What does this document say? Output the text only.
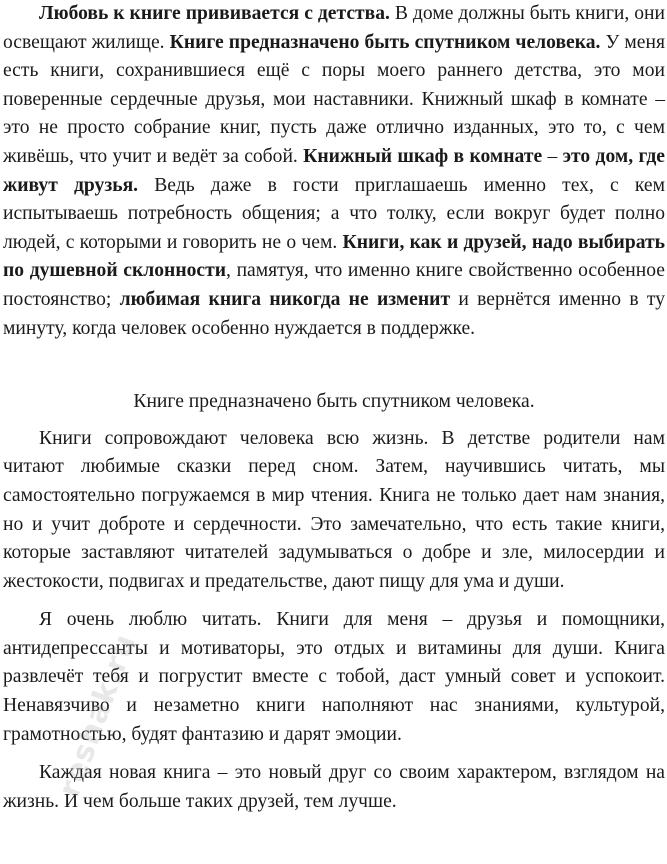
Любовь к книге прививается с детства. В доме должны быть книги, они освещают жилище. Книге предназначено быть спутником человека. У меня есть книги, сохранившиеся ещё с поры моего раннего детства, это мои поверенные сердечные друзья, мои наставники. Книжный шкаф в комнате – это не просто собрание книг, пусть даже отлично изданных, это то, с чем живёшь, что учит и ведёт за собой. Книжный шкаф в комнате – это дом, где живут друзья. Ведь даже в гости приглашаешь именно тех, с кем испытываешь потребность общения; а что толку, если вокруг будет полно людей, с которыми и говорить не о чем. Книги, как и друзей, надо выбирать по душевной склонности, памятуя, что именно книге свойственно особенное постоянство; любимая книга никогда не изменит и вернётся именно в ту минуту, когда человек особенно нуждается в поддержке.

Книге предназначено быть спутником человека.

Книги сопровождают человека всю жизнь. В детстве родители нам читают любимые сказки перед сном. Затем, научившись читать, мы самостоятельно погружаемся в мир чтения. Книга не только дает нам знания, но и учит доброте и сердечности. Это замечательно, что есть такие книги, которые заставляют читателей задумываться о добре и зле, милосердии и жестокости, подвигах и предательстве, дают пищу для ума и души.

Я очень люблю читать. Книги для меня – друзья и помощники, антидепрессанты и мотиваторы, это отдых и витамины для души. Книга развлечёт тебя и погрустит вместе с тобой, даст умный совет и успокоит. Ненавязчиво и незаметно книги наполняют нас знаниями, культурой, грамотностью, будят фантазию и дарят эмоции.

Каждая новая книга – это новый друг со своим характером, взглядом на жизнь. И чем больше таких друзей, тем лучше.

reshak.ru
